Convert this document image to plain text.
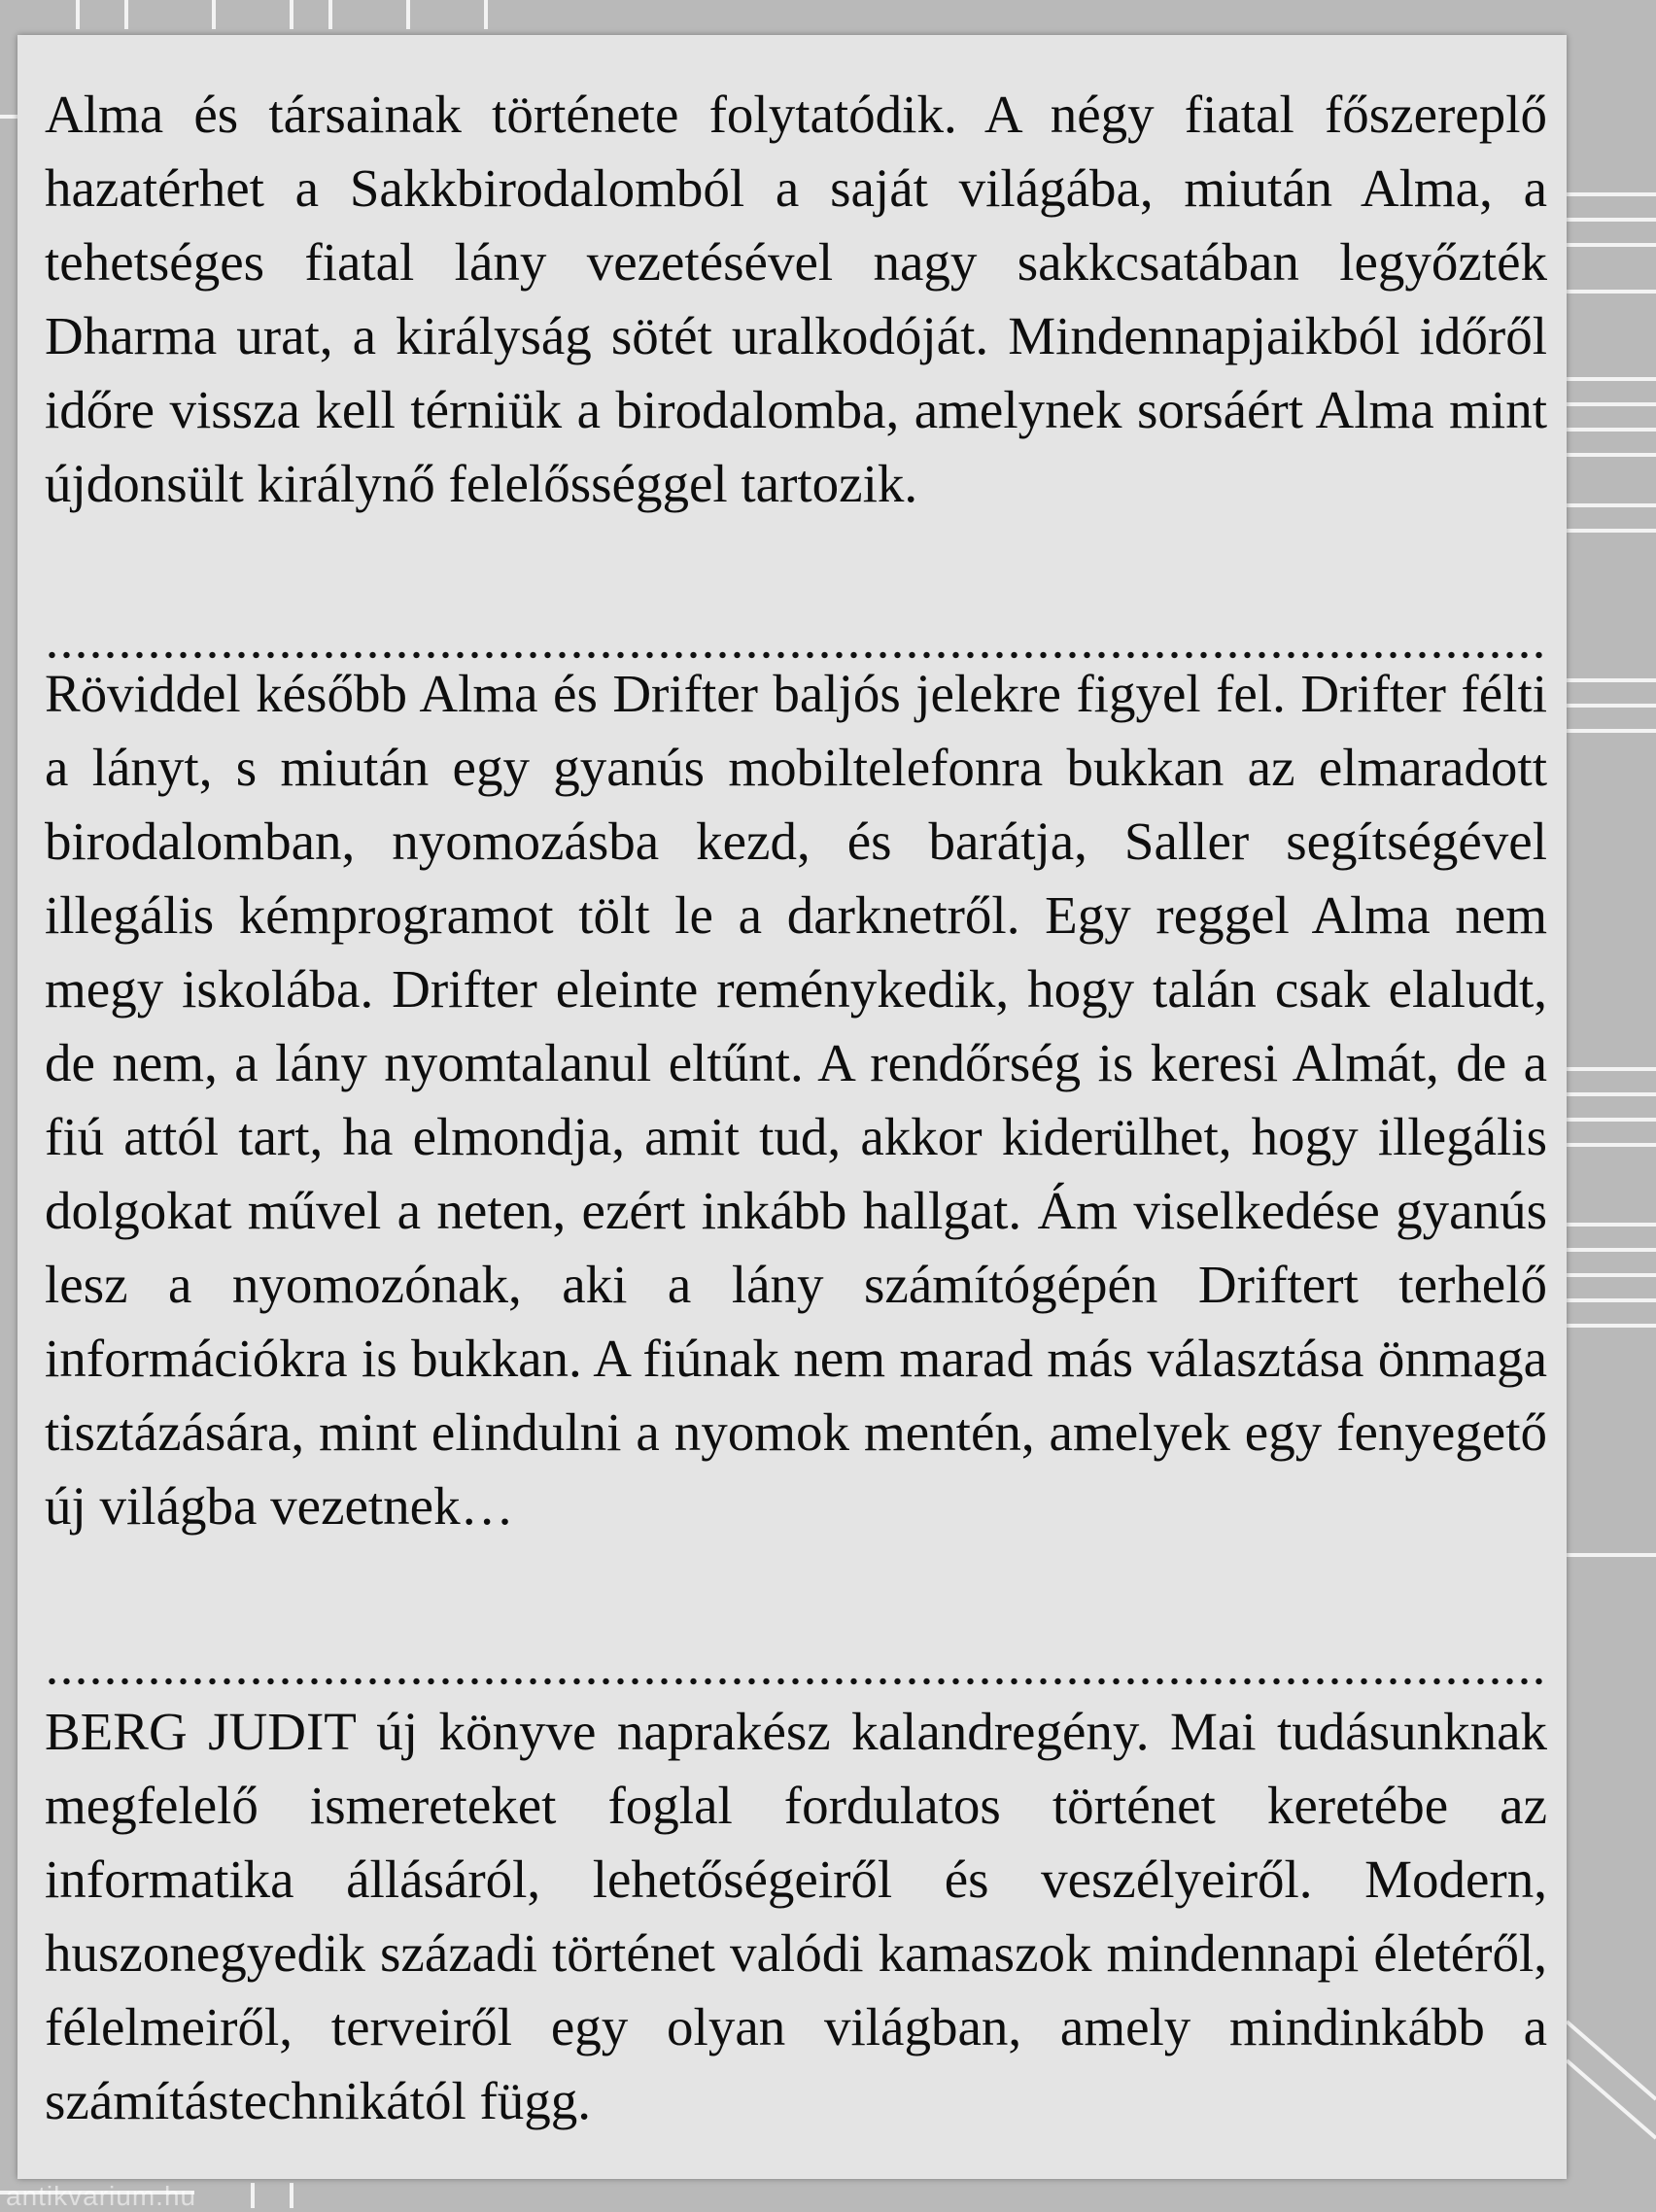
Alma és társainak története folytatódik. A négy fiatal főszereplő hazatérhet a Sakkbirodalomból a saját világába, miután Alma, a tehetséges fiatal lány vezetésével nagy sakkcsatában legyőzték Dharma urat, a királyság sötét uralkodóját. Mindennapjaikból időről időre vissza kell térniük a birodalomba, amelynek sorsáért Alma mint újdonsült királynő felelősséggel tartozik.

Röviddel később Alma és Drifter baljós jelekre figyel fel. Drifter félti a lányt, s miután egy gyanús mobiltelefonra bukkan az elmaradott birodalomban, nyomozásba kezd, és barátja, Saller segítségével illegális kémprogramot tölt le a darknetről. Egy reggel Alma nem megy iskolába. Drifter eleinte reménykedik, hogy talán csak elaludt, de nem, a lány nyomtalanul eltűnt. A rendőrség is keresi Almát, de a fiú attól tart, ha elmondja, amit tud, akkor kiderülhet, hogy illegális dolgokat művel a neten, ezért inkább hallgat. Ám viselkedése gyanús lesz a nyomozónak, aki a lány számítógépén Driftert terhelő információkra is bukkan. A fiúnak nem marad más választása önmaga tisztázására, mint elindulni a nyomok mentén, amelyek egy fenyegető új világba vezetnek…

BERG JUDIT új könyve naprakész kalandregény. Mai tudásunknak megfelelő ismereteket foglal fordulatos történet keretébe az informatika állásáról, lehetőségeiről és veszélyeiről. Modern, huszonegyedik századi történet valódi kamaszok mindennapi életéről, félelmeiről, terveiről egy olyan világban, amely mindinkább a számítástechnikától függ.

antikvarium.hu
